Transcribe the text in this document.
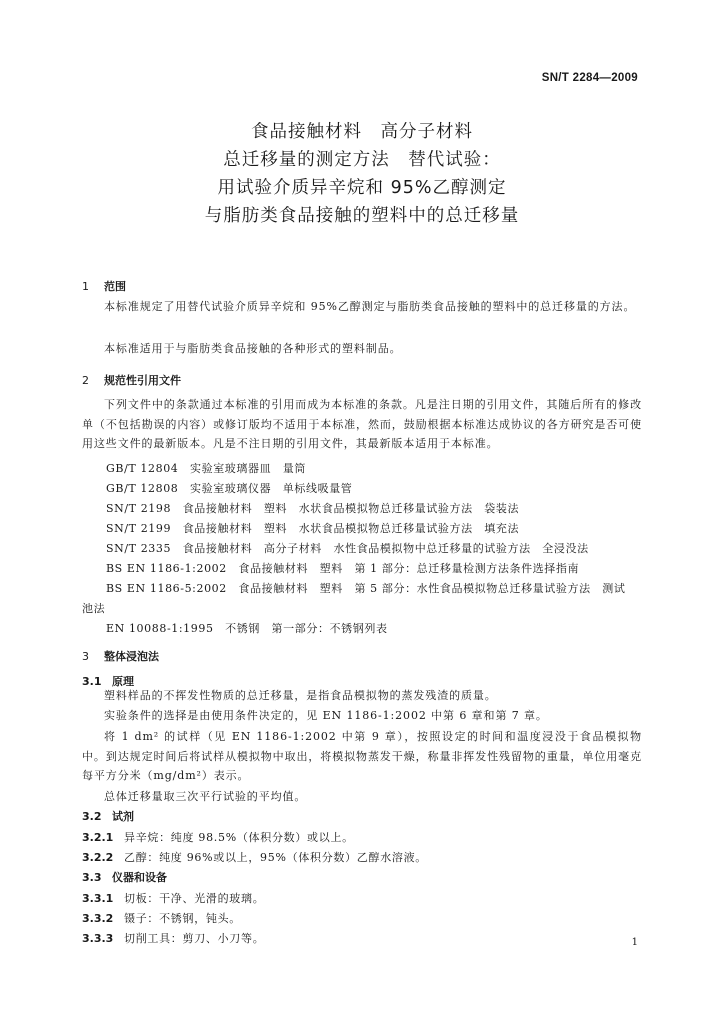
SN/T 2284—2009
食品接触材料　高分子材料
总迁移量的测定方法　替代试验：
用试验介质异辛烷和 95%乙醇测定
与脂肪类食品接触的塑料中的总迁移量
1 范围
本标准规定了用替代试验介质异辛烷和 95%乙醇测定与脂肪类食品接触的塑料中的总迁移量的方法。
本标准适用于与脂肪类食品接触的各种形式的塑料制品。
2 规范性引用文件
下列文件中的条款通过本标准的引用而成为本标准的条款。凡是注日期的引用文件，其随后所有的修改单（不包括勘误的内容）或修订版均不适用于本标准，然而，鼓励根据本标准达成协议的各方研究是否可使用这些文件的最新版本。凡是不注日期的引用文件，其最新版本适用于本标准。
GB/T 12804　实验室玻璃器皿　量筒
GB/T 12808　实验室玻璃仪器　单标线吸量管
SN/T 2198　食品接触材料　塑料　水状食品模拟物总迁移量试验方法　袋装法
SN/T 2199　食品接触材料　塑料　水状食品模拟物总迁移量试验方法　填充法
SN/T 2335　食品接触材料　高分子材料　水性食品模拟物中总迁移量的试验方法　全浸没法
BS EN 1186-1:2002　食品接触材料　塑料　第 1 部分：总迁移量检测方法条件选择指南
BS EN 1186-5:2002　食品接触材料　塑料　第 5 部分：水性食品模拟物总迁移量试验方法　测试
池法
EN 10088-1:1995　不锈钢　第一部分：不锈钢列表
3 整体浸泡法
3.1 原理
塑料样品的不挥发性物质的总迁移量，是指食品模拟物的蒸发残渣的质量。
实验条件的选择是由使用条件决定的，见 EN 1186-1:2002 中第 6 章和第 7 章。
将 1 dm² 的试样（见 EN 1186-1:2002 中第 9 章），按照设定的时间和温度浸没于食品模拟物中。到达规定时间后将试样从模拟物中取出，将模拟物蒸发干燥，称量非挥发性残留物的重量，单位用毫克每平方分米（mg/dm²）表示。
总体迁移量取三次平行试验的平均值。
3.2 试剂
3.2.1 异辛烷：纯度 98.5%（体积分数）或以上。
3.2.2 乙醇：纯度 96%或以上，95%（体积分数）乙醇水溶液。
3.3 仪器和设备
3.3.1 切板：干净、光滑的玻璃。
3.3.2 镊子：不锈钢，钝头。
3.3.3 切削工具：剪刀、小刀等。	1
